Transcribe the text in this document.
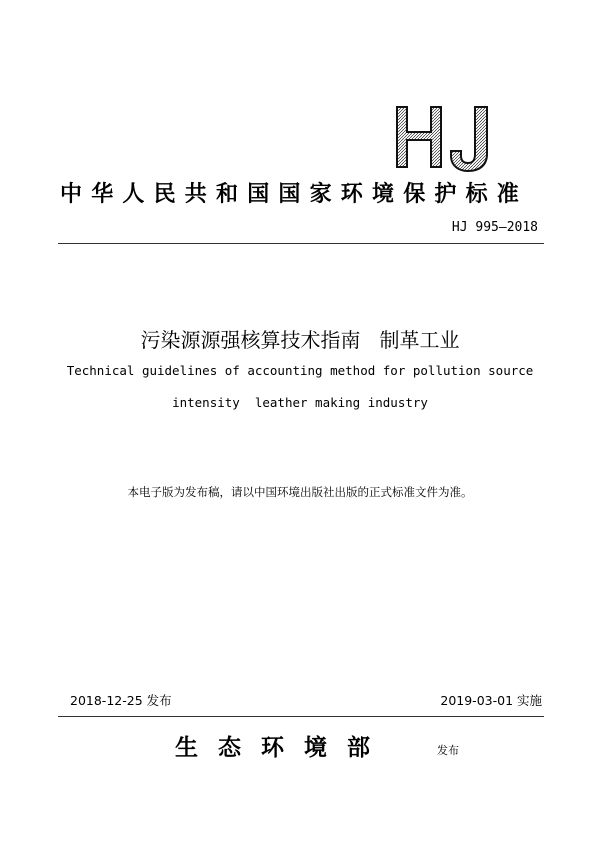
中华人民共和国国家环境保护标准
HJ 995—2018
污染源源强核算技术指南   制革工业
Technical guidelines of accounting method for pollution source
intensity  leather making industry
本电子版为发布稿，请以中国环境出版社出版的正式标准文件为准。
2018-12-25 发布	2019-03-01 实施
生态环境部	发布
